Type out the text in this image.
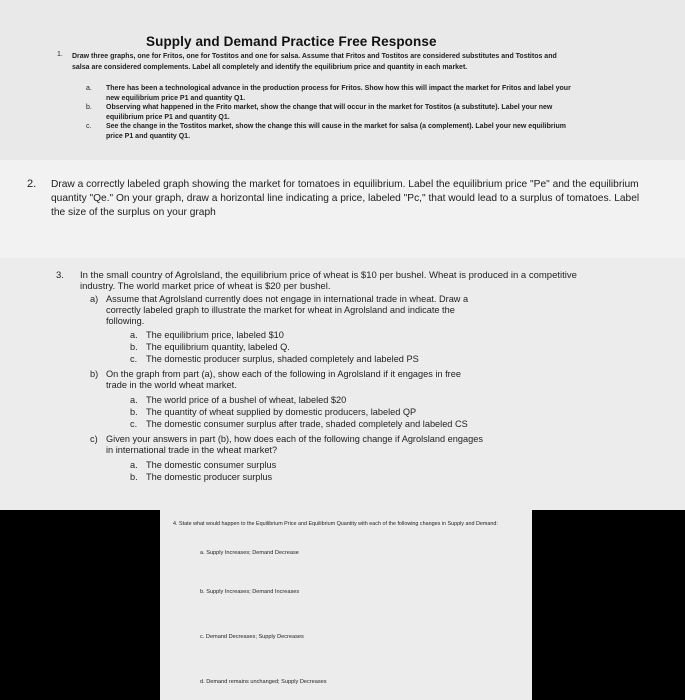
Supply and Demand Practice Free Response
1. Draw three graphs, one for Fritos, one for Tostitos and one for salsa. Assume that Fritos and Tostitos are considered substitutes and Tostitos and salsa are considered complements. Label all completely and identify the equilibrium price and quantity in each market.
a. There has been a technological advance in the production process for Fritos. Show how this will impact the market for Fritos and label your new equilibrium price P1 and quantity Q1.
b. Observing what happened in the Frito market, show the change that will occur in the market for Tostitos (a substitute). Label your new equilibrium price P1 and quantity Q1.
c. See the change in the Tostitos market, show the change this will cause in the market for salsa (a complement). Label your new equilibrium price P1 and quantity Q1.
2. Draw a correctly labeled graph showing the market for tomatoes in equilibrium. Label the equilibrium price "Pe" and the equilibrium quantity "Qe." On your graph, draw a horizontal line indicating a price, labeled "Pc," that would lead to a surplus of tomatoes. Label the size of the surplus on your graph
3. In the small country of Agrolsland, the equilibrium price of wheat is $10 per bushel. Wheat is produced in a competitive industry. The world market price of wheat is $20 per bushel.
a) Assume that Agrolsland currently does not engage in international trade in wheat. Draw a
correctly labeled graph to illustrate the market for wheat in Agrolsland and indicate the
following.
a. The equilibrium price, labeled $10
b. The equilibrium quantity, labeled Q.
c. The domestic producer surplus, shaded completely and labeled PS
b) On the graph from part (a), show each of the following in Agrolsland if it engages in free
trade in the world wheat market.
a. The world price of a bushel of wheat, labeled $20
b. The quantity of wheat supplied by domestic producers, labeled QP
c. The domestic consumer surplus after trade, shaded completely and labeled CS
c) Given your answers in part (b), how does each of the following change if Agrolsland engages
in international trade in the wheat market?
a. The domestic consumer surplus
b. The domestic producer surplus
4. State what would happen to the Equilibrium Price and Equilibrium Quantity with each of the following changes in Supply and Demand:
a. Supply Increases; Demand Decrease
b. Supply Increases; Demand Increases
c. Demand Decreases; Supply Decreases
d. Demand remains unchanged; Supply Decreases
